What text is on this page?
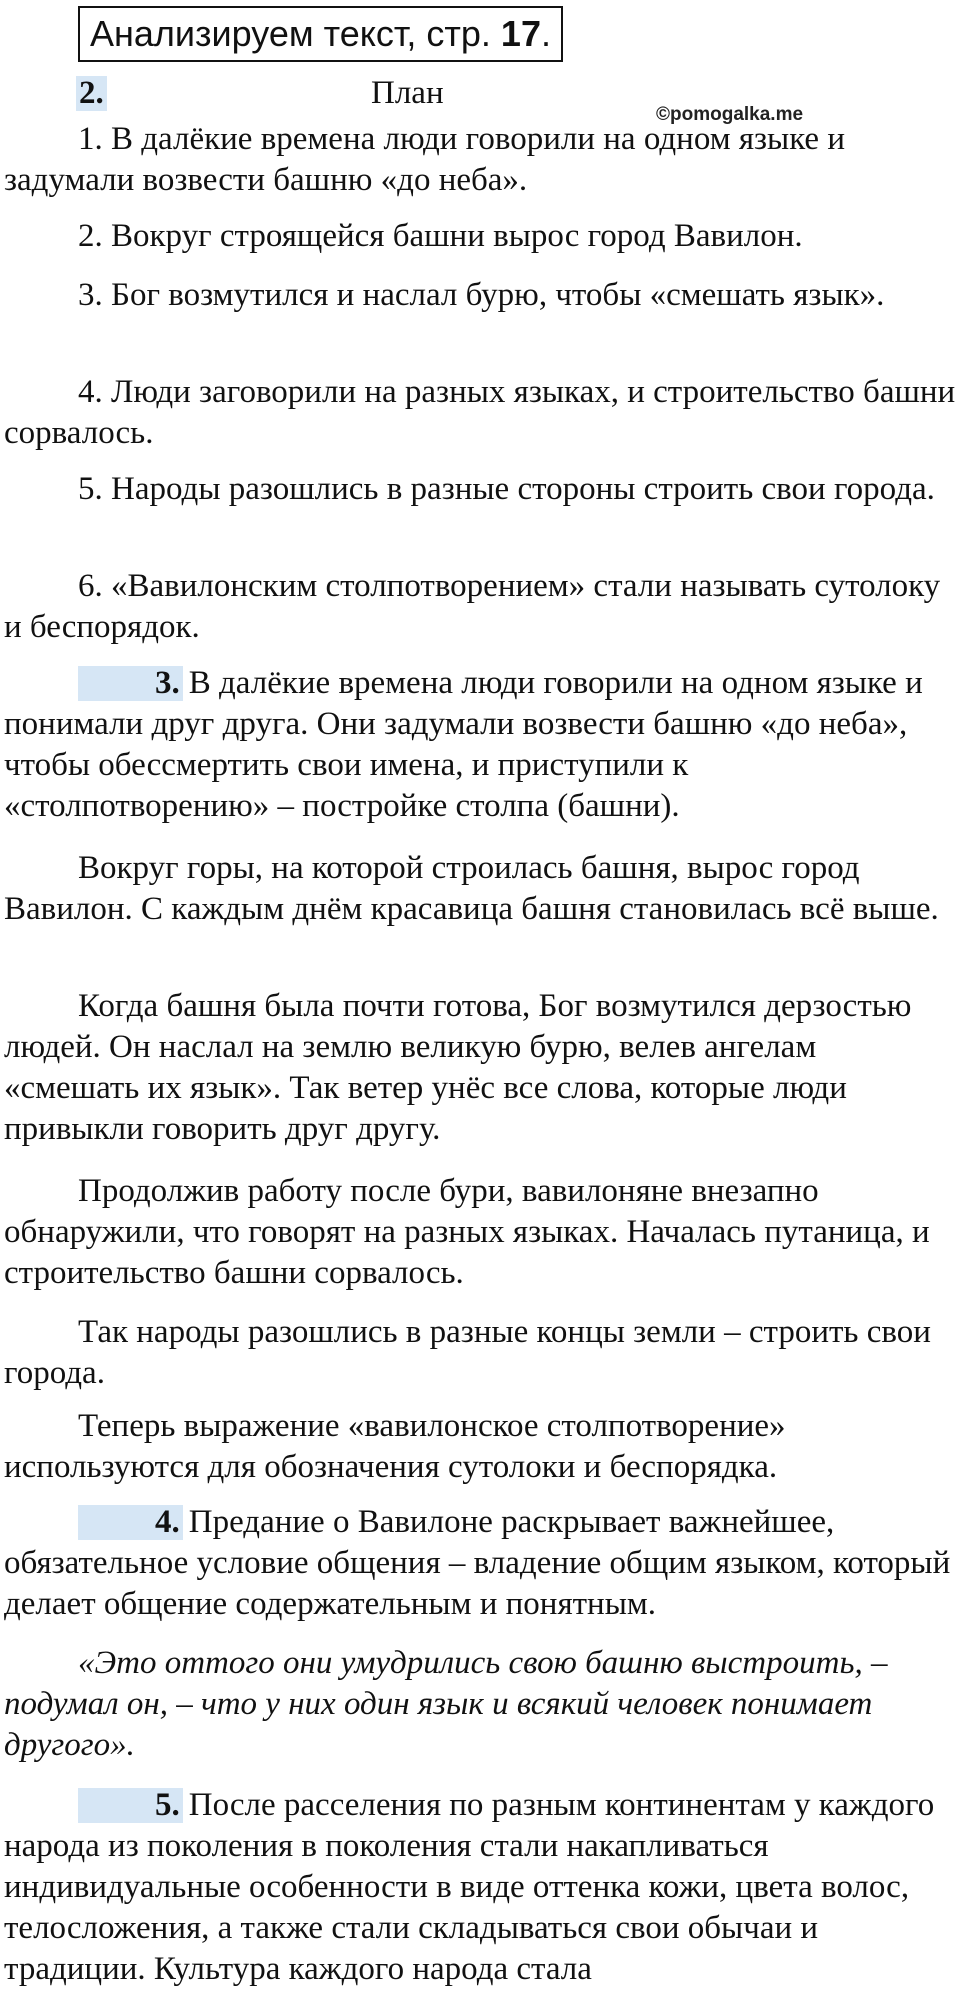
Анализируем текст, стр. 17.
2.	План
©pomogalka.me

1. В далёкие времена люди говорили на одном языке и задумали возвести башню «до неба».

2. Вокруг строящейся башни вырос город Вавилон.

3. Бог возмутился и наслал бурю, чтобы «смешать язык».

4. Люди заговорили на разных языках, и строительство башни сорвалось.

5. Народы разошлись в разные стороны строить свои города.

6. «Вавилонским столпотворением» стали называть сутолоку и беспорядок.

3. В далёкие времена люди говорили на одном языке и понимали друг друга. Они задумали возвести башню «до неба», чтобы обессмертить свои имена, и приступили к «столпотворению» – постройке столпа (башни).

Вокруг горы, на которой строилась башня, вырос город Вавилон. С каждым днём красавица башня становилась всё выше.

Когда башня была почти готова, Бог возмутился дерзостью людей. Он наслал на землю великую бурю, велев ангелам «смешать их язык». Так ветер унёс все слова, которые люди привыкли говорить друг другу.

Продолжив работу после бури, вавилоняне внезапно обнаружили, что говорят на разных языках. Началась путаница, и строительство башни сорвалось.

Так народы разошлись в разные концы земли – строить свои города.

Теперь выражение «вавилонское столпотворение» используются для обозначения сутолоки и беспорядка.

4. Предание о Вавилоне раскрывает важнейшее, обязательное условие общения – владение общим языком, который делает общение содержательным и понятным.

«Это оттого они умудрились свою башню выстроить, – подумал он, – что у них один язык и всякий человек понимает другого».

5. После расселения по разным континентам у каждого народа из поколения в поколения стали накапливаться индивидуальные особенности в виде оттенка кожи, цвета волос, телосложения, а также стали складываться свои обычаи и традиции. Культура каждого народа стала
